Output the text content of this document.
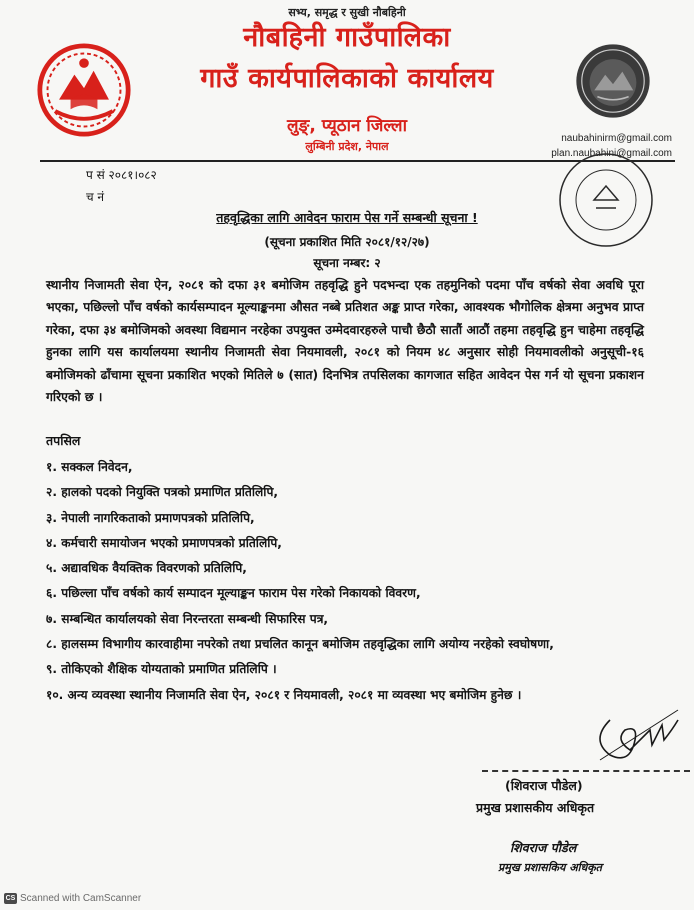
सभ्य, समृद्ध र सुखी नौबहिनी
नौबहिनी गाउँपालिका
गाउँ कार्यपालिकाको कार्यालय
लुङ्, प्यूठान जिल्ला
लुम्बिनी प्रदेश, नेपाल
naubahinirm@gmail.com
plan.naubahini@gmail.com
प सं २०८१।०८२
च नं
तहवृद्धिका लागि आवेदन फाराम पेस गर्ने सम्बन्धी सूचना !
(सूचना प्रकाशित मिति २०८१/१२/२७)
सूचना नम्बर: २

स्थानीय निजामती सेवा ऐन, २०८१ को दफा ३१ बमोजिम तहवृद्धि हुने पदभन्दा एक तहमुनिको पदमा पाँच वर्षको सेवा अवधि पूरा भएका, पछिल्लो पाँच वर्षको कार्यसम्पादन मूल्याङ्कनमा औसत नब्बे प्रतिशत अङ्क प्राप्त गरेका, आवश्यक भौगोलिक क्षेत्रमा अनुभव प्राप्त गरेका, दफा ३४ बमोजिमको अवस्था विद्यमान नरहेका उपयुक्त उम्मेदवारहरुले पाचौ छैठौ सातौं आठौं तहमा तहवृद्धि हुन चाहेमा तहवृद्धि हुनका लागि यस कार्यालयमा स्थानीय निजामती सेवा नियमावली, २०८१ को नियम ४८ अनुसार सोही नियमावलीको अनुसूची-१६ बमोजिमको ढाँचामा सूचना प्रकाशित भएको मितिले ७ (सात) दिनभित्र तपसिलका कागजात सहित आवेदन पेस गर्न यो सूचना प्रकाशन गरिएको छ ।

तपसिल
१. सक्कल निवेदन,
२. हालको पदको नियुक्ति पत्रको प्रमाणित प्रतिलिपि,
३. नेपाली नागरिकताको प्रमाणपत्रको प्रतिलिपि,
४. कर्मचारी समायोजन भएको प्रमाणपत्रको प्रतिलिपि,
५. अद्यावधिक वैयक्तिक विवरणको प्रतिलिपि,
६. पछिल्ला पाँच वर्षको कार्य सम्पादन मूल्याङ्कन फाराम पेस गरेको निकायको विवरण,
७. सम्बन्धित कार्यालयको सेवा निरन्तरता सम्बन्धी सिफारिस पत्र,
८. हालसम्म विभागीय कारवाहीमा नपरेको तथा प्रचलित कानून बमोजिम तहवृद्धिका लागि अयोग्य नरहेको स्वघोषणा,
९. तोकिएको शैक्षिक योग्यताको प्रमाणित प्रतिलिपि ।
१०. अन्य व्यवस्था स्थानीय निजामति सेवा ऐन, २०८१ र नियमावली, २०८१ मा व्यवस्था भए बमोजिम हुनेछ ।
(शिवराज पौडेल)
प्रमुख प्रशासकीय अधिकृत
शिवराज पौडेल
प्रमुख प्रशासकिय अधिकृत
CS Scanned with CamScanner
